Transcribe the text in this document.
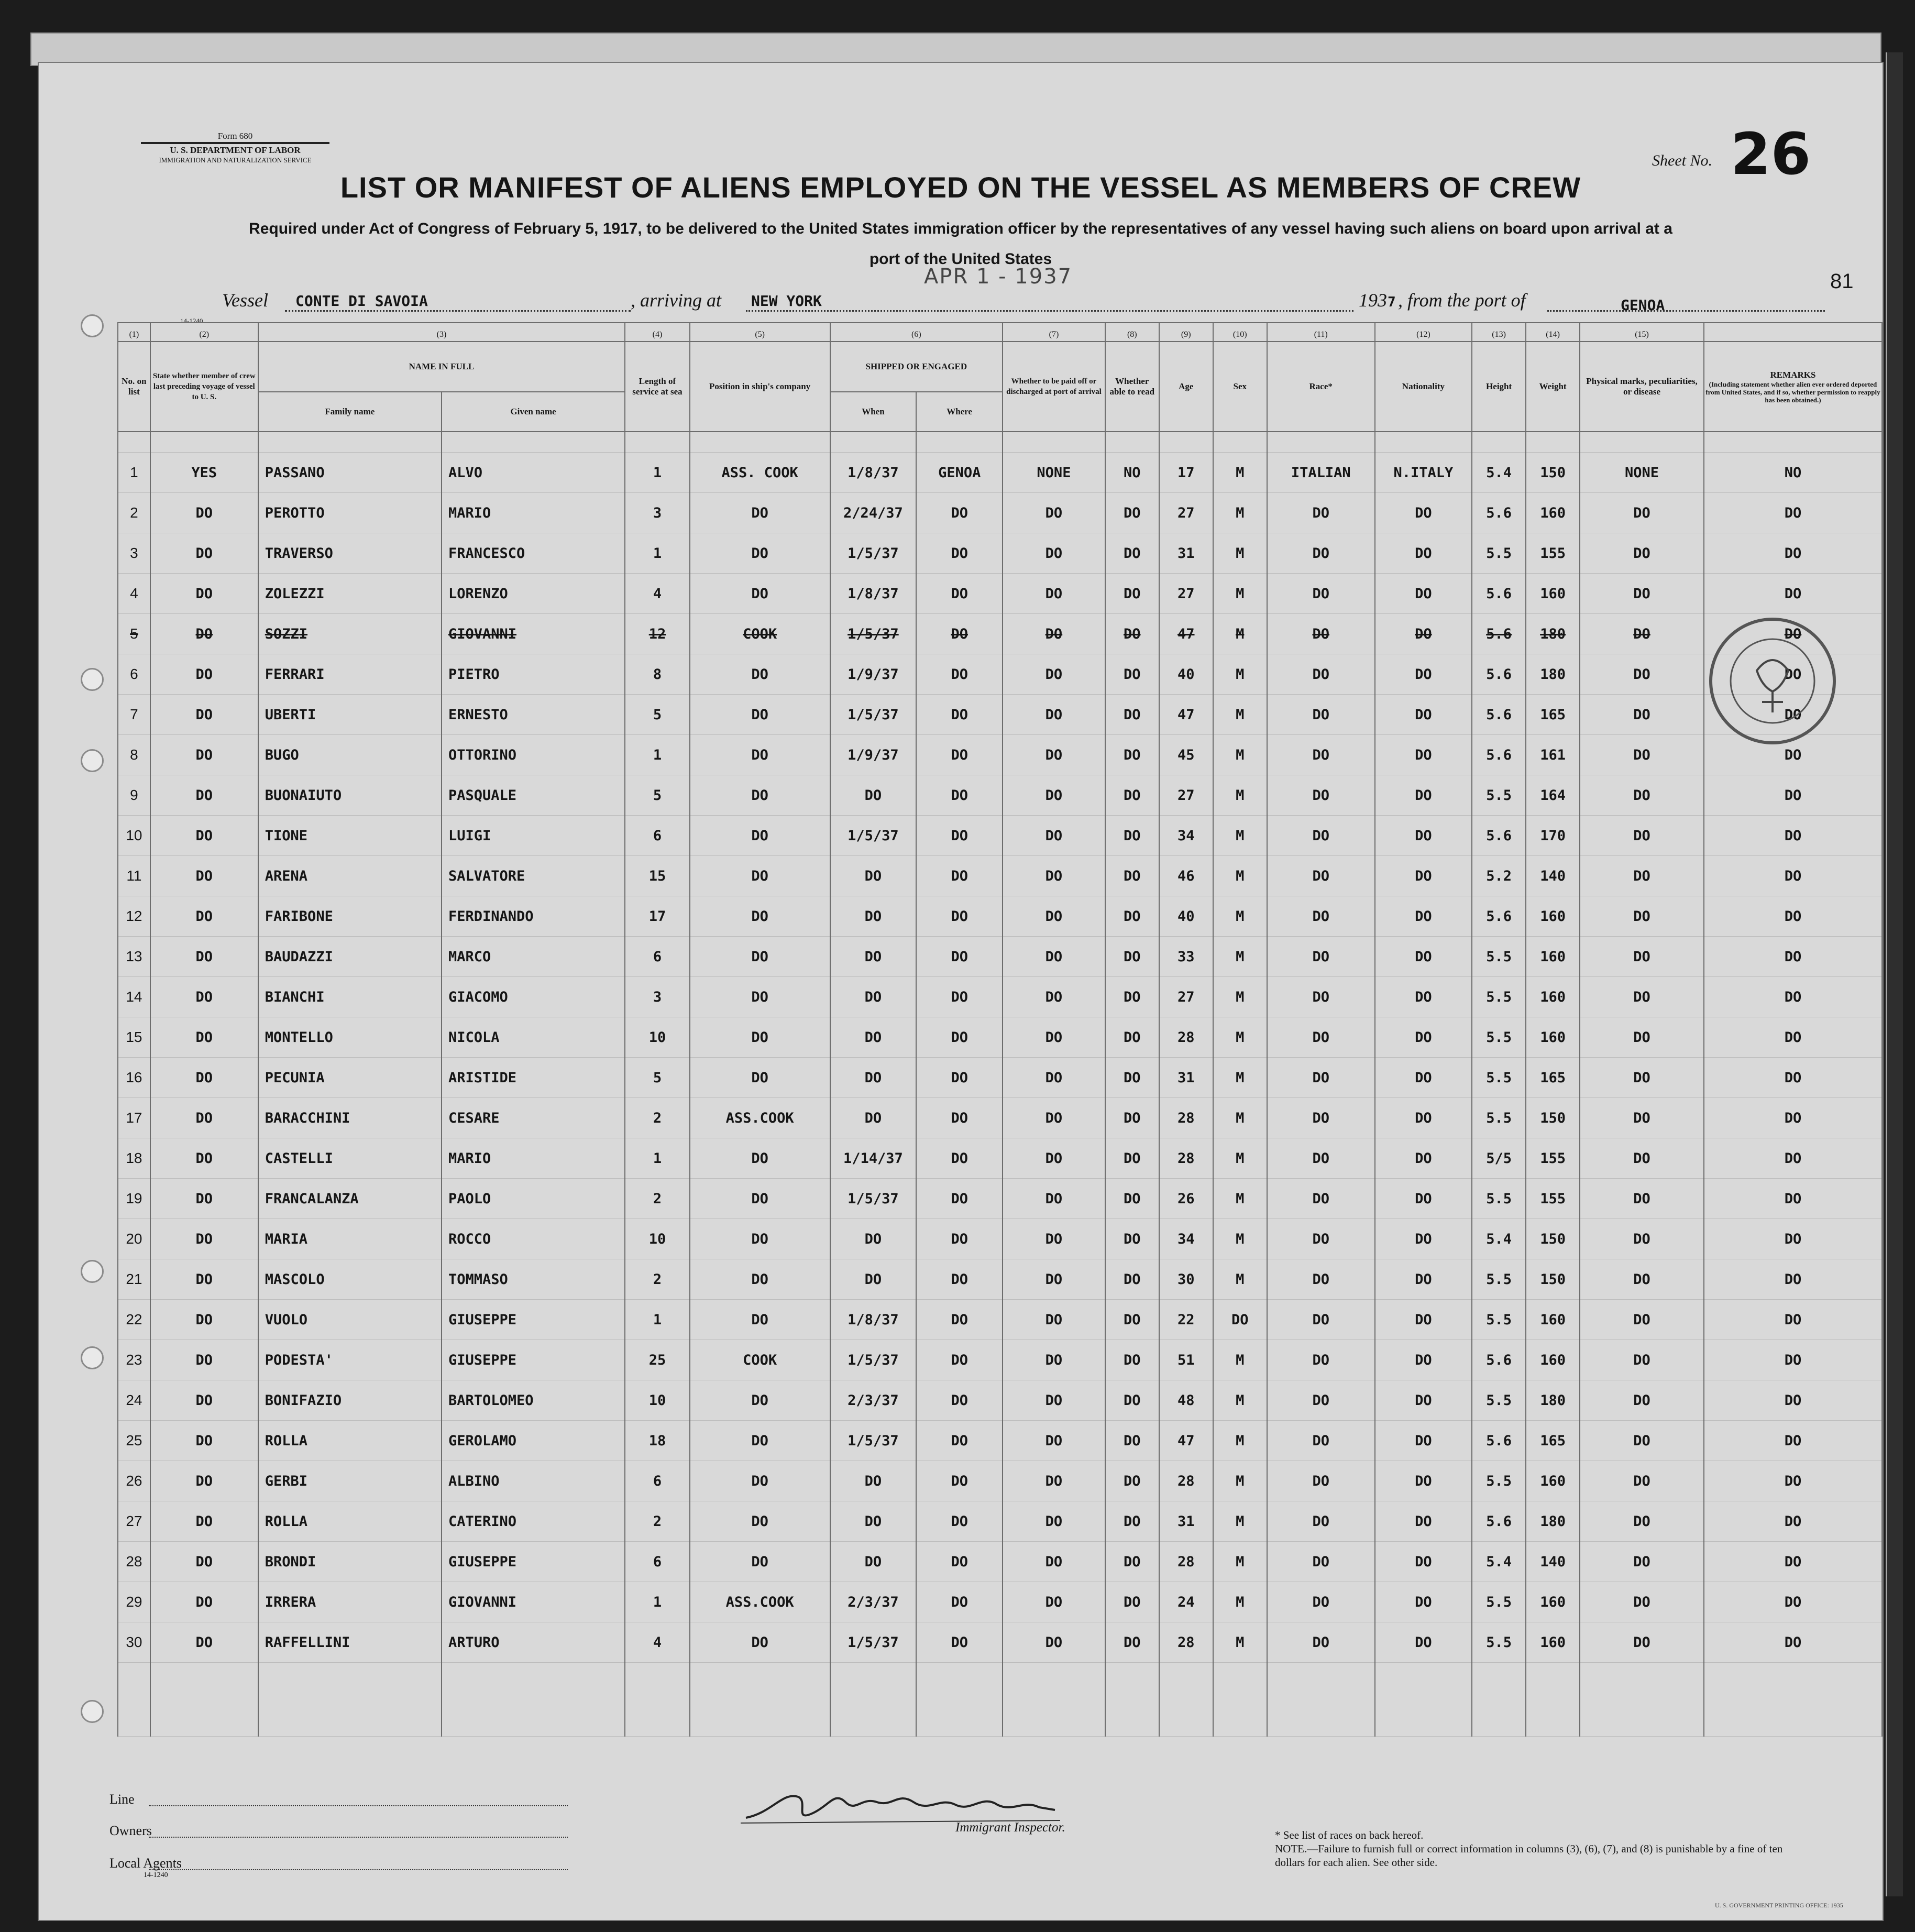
Form 680
U. S. DEPARTMENT OF LABOR
IMMIGRATION AND NATURALIZATION SERVICE	Sheet No. 26
LIST OR MANIFEST OF ALIENS EMPLOYED ON THE VESSEL AS MEMBERS OF CREW
Required under Act of Congress of February 5, 1917, to be delivered to the United States immigration officer by the representatives of any vessel having such aliens on board upon arrival at a
port of the United States
Vessel CONTE DI SAVOIA	, arriving at NEW YORK	193 7 , from the port of	GENOA
APR 1 - 1937	81
14-1240
(1)	(2)	(3)		(4)	(5)	(6)		(7)	(8)	(9)	(10)	(11)	(12)	(13)	(14)	(15)	
No. on list	State whether member of crew last preceding voyage of vessel to U. S.	NAME IN FULL		Length of service at sea	Position in ship's company	SHIPPED OR ENGAGED		Whether to be paid off or discharged at port of arrival	Whether able to read	Age	Sex	Race*	Nationality	Height	Weight	Physical marks, peculiarities, or disease	REMARKS
(Including statement whether alien ever ordered deported from United States, and if so, whether permission to reapply has been obtained.)

		Family name	Given name			When	Where										

1	YES	PASSANO	ALVO	1	ASS. COOK	1/8/37	GENOA	NONE	NO	17	M	ITALIAN	N.ITALY	5.4	150	NONE	NO
2	DO	PEROTTO	MARIO	3	DO	2/24/37	DO	DO	DO	27	M	DO	DO	5.6	160	DO	DO
3	DO	TRAVERSO	FRANCESCO	1	DO	1/5/37	DO	DO	DO	31	M	DO	DO	5.5	155	DO	DO
4	DO	ZOLEZZI	LORENZO	4	DO	1/8/37	DO	DO	DO	27	M	DO	DO	5.6	160	DO	DO
5	DO	SOZZI	GIOVANNI	12	COOK	1/5/37	DO	DO	DO	47	M	DO	DO	5.6	180	DO	DO
6	DO	FERRARI	PIETRO	8	DO	1/9/37	DO	DO	DO	40	M	DO	DO	5.6	180	DO	DO
7	DO	UBERTI	ERNESTO	5	DO	1/5/37	DO	DO	DO	47	M	DO	DO	5.6	165	DO	DO
8	DO	BUGO	OTTORINO	1	DO	1/9/37	DO	DO	DO	45	M	DO	DO	5.6	161	DO	DO
9	DO	BUONAIUTO	PASQUALE	5	DO	DO	DO	DO	DO	27	M	DO	DO	5.5	164	DO	DO
10	DO	TIONE	LUIGI	6	DO	1/5/37	DO	DO	DO	34	M	DO	DO	5.6	170	DO	DO
11	DO	ARENA	SALVATORE	15	DO	DO	DO	DO	DO	46	M	DO	DO	5.2	140	DO	DO
12	DO	FARIBONE	FERDINANDO	17	DO	DO	DO	DO	DO	40	M	DO	DO	5.6	160	DO	DO
13	DO	BAUDAZZI	MARCO	6	DO	DO	DO	DO	DO	33	M	DO	DO	5.5	160	DO	DO
14	DO	BIANCHI	GIACOMO	3	DO	DO	DO	DO	DO	27	M	DO	DO	5.5	160	DO	DO
15	DO	MONTELLO	NICOLA	10	DO	DO	DO	DO	DO	28	M	DO	DO	5.5	160	DO	DO
16	DO	PECUNIA	ARISTIDE	5	DO	DO	DO	DO	DO	31	M	DO	DO	5.5	165	DO	DO
17	DO	BARACCHINI	CESARE	2	ASS.COOK	DO	DO	DO	DO	28	M	DO	DO	5.5	150	DO	DO
18	DO	CASTELLI	MARIO	1	DO	1/14/37	DO	DO	DO	28	M	DO	DO	5/5	155	DO	DO
19	DO	FRANCALANZA	PAOLO	2	DO	1/5/37	DO	DO	DO	26	M	DO	DO	5.5	155	DO	DO
20	DO	MARIA	ROCCO	10	DO	DO	DO	DO	DO	34	M	DO	DO	5.4	150	DO	DO
21	DO	MASCOLO	TOMMASO	2	DO	DO	DO	DO	DO	30	M	DO	DO	5.5	150	DO	DO
22	DO	VUOLO	GIUSEPPE	1	DO	1/8/37	DO	DO	DO	22	DO	DO	DO	5.5	160	DO	DO
23	DO	PODESTA'	GIUSEPPE	25	COOK	1/5/37	DO	DO	DO	51	M	DO	DO	5.6	160	DO	DO
24	DO	BONIFAZIO	BARTOLOMEO	10	DO	2/3/37	DO	DO	DO	48	M	DO	DO	5.5	180	DO	DO
25	DO	ROLLA	GEROLAMO	18	DO	1/5/37	DO	DO	DO	47	M	DO	DO	5.6	165	DO	DO
26	DO	GERBI	ALBINO	6	DO	DO	DO	DO	DO	28	M	DO	DO	5.5	160	DO	DO
27	DO	ROLLA	CATERINO	2	DO	DO	DO	DO	DO	31	M	DO	DO	5.6	180	DO	DO
28	DO	BRONDI	GIUSEPPE	6	DO	DO	DO	DO	DO	28	M	DO	DO	5.4	140	DO	DO
29	DO	IRRERA	GIOVANNI	1	ASS.COOK	2/3/37	DO	DO	DO	24	M	DO	DO	5.5	160	DO	DO
30	DO	RAFFELLINI	ARTURO	4	DO	1/5/37	DO	DO	DO	28	M	DO	DO	5.5	160	DO	DO

Line
Owners
Local Agents
14-1240
Immigrant Inspector.
* See list of races on back hereof.
NOTE.—Failure to furnish full or correct information in columns (3), (6), (7), and (8) is punishable by a fine of ten dollars for each alien. See other side.
U. S. GOVERNMENT PRINTING OFFICE: 1935
